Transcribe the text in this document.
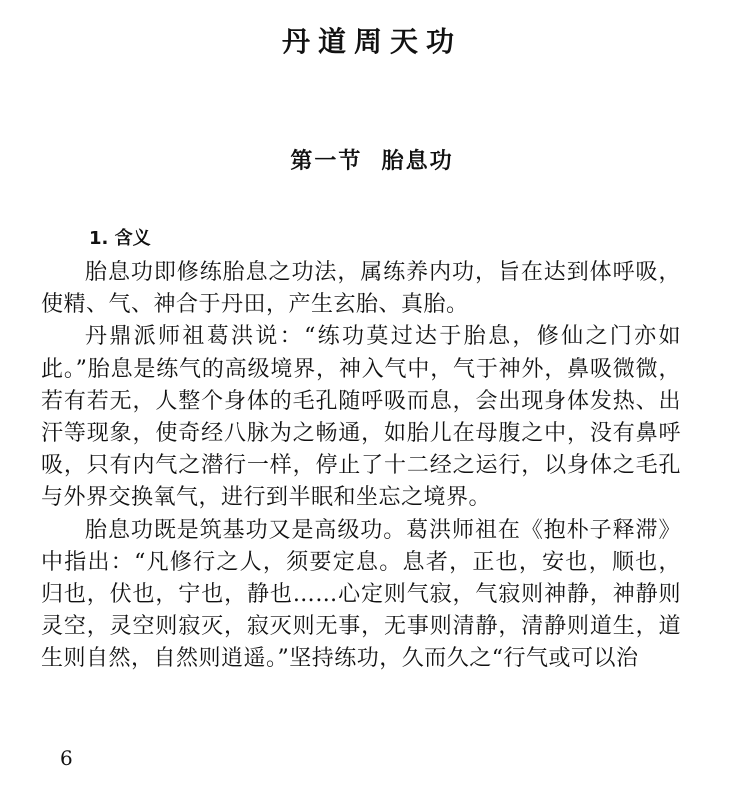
丹道周天功
第一节  胎息功
1. 含义

胎息功即修练胎息之功法，属练养内功，旨在达到体呼吸，使精、气、神合于丹田，产生玄胎、真胎。

丹鼎派师祖葛洪说：“练功莫过达于胎息，修仙之门亦如此。”胎息是练气的高级境界，神入气中，气于神外，鼻吸微微，若有若无，人整个身体的毛孔随呼吸而息，会出现身体发热、出汗等现象，使奇经八脉为之畅通，如胎儿在母腹之中，没有鼻呼吸，只有内气之潜行一样，停止了十二经之运行，以身体之毛孔与外界交换氧气，进行到半眠和坐忘之境界。

胎息功既是筑基功又是高级功。葛洪师祖在《抱朴子释滞》中指出：“凡修行之人，须要定息。息者，正也，安也，顺也，归也，伏也，宁也，静也……心定则气寂，气寂则神静，神静则灵空，灵空则寂灭，寂灭则无事，无事则清静，清静则道生，道生则自然，自然则逍遥。”坚持练功，久而久之“行气或可以治

6
